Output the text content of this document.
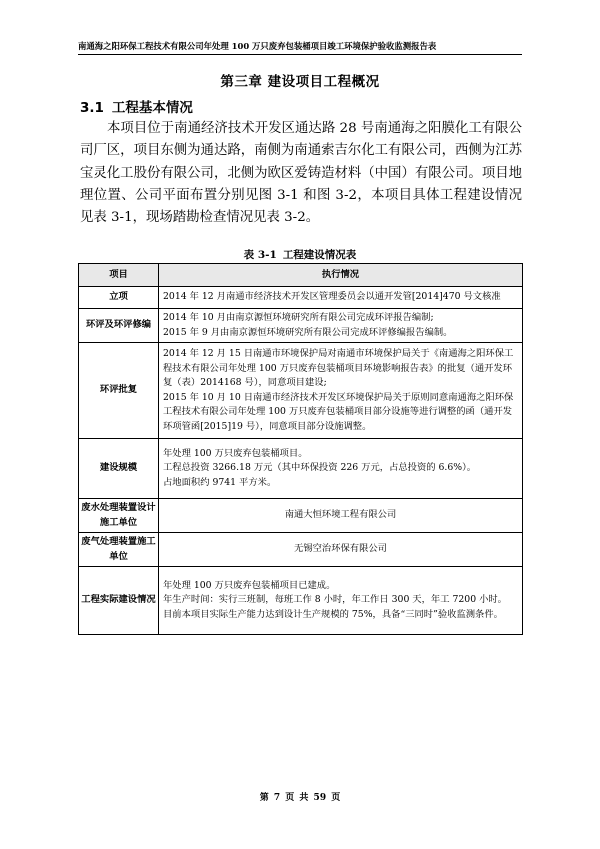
南通海之阳环保工程技术有限公司年处理 100 万只废弃包装桶项目竣工环境保护验收监测报告表
第三章 建设项目工程概况
3.1 工程基本情况

本项目位于南通经济技术开发区通达路 28 号南通海之阳膜化工有限公司厂区，项目东侧为通达路，南侧为南通索吉尔化工有限公司，西侧为江苏宝灵化工股份有限公司，北侧为欧区爱铸造材料（中国）有限公司。项目地理位置、公司平面布置分别见图 3-1 和图 3-2，本项目具体工程建设情况见表 3-1，现场踏勘检查情况见表 3-2。

表 3-1 工程建设情况表
项目	执行情况
立项	2014 年 12 月南通市经济技术开发区管理委员会以通开发管[2014]470 号文核准

环评及环评修编	2014 年 10 月由南京源恒环境研究所有限公司完成环评报告编制;
2015 年 9 月由南京源恒环境研究所有限公司完成环评修编报告编制。

环评批复	2014 年 12 月 15 日南通市环境保护局对南通市环境保护局关于《南通海之阳环保工程技术有限公司年处理 100 万只废弃包装桶项目环境影响报告表》的批复（通开发环复（表）2014168 号），同意项目建设;
2015 年 10 月 10 日南通市经济技术开发区环境保护局关于原则同意南通海之阳环保工程技术有限公司年处理 100 万只废弃包装桶项目部分设施等进行调整的函（通开发环项管函[2015]19 号），同意项目部分设施调整。

建设规模	年处理 100 万只废弃包装桶项目。
工程总投资 3266.18 万元（其中环保投资 226 万元，占总投资的 6.6%）。
占地面积约 9741 平方米。

废水处理装置设计施工单位	南通大恒环境工程有限公司

废气处理装置施工单位	无锡空治环保有限公司

工程实际建设情况	年处理 100 万只废弃包装桶项目已建成。
年生产时间：实行三班制，每班工作 8 小时，年工作日 300 天，年工 7200 小时。
目前本项目实际生产能力达到设计生产规模的 75%，具备“三同时”验收监测条件。
第 7 页 共 59 页
